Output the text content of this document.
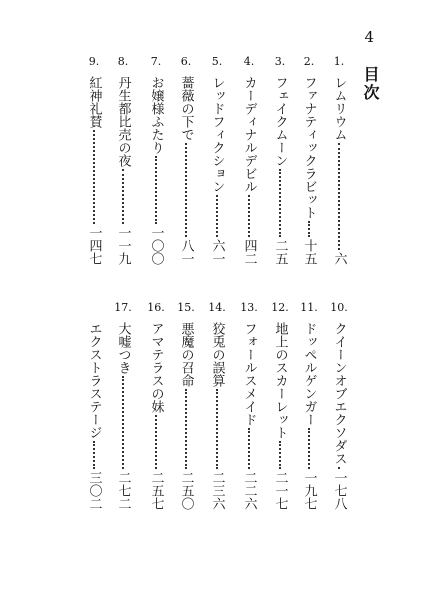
4
目次
1.
レムリウム
六
2.
ファナティックラビット
十五
3.
フェイクムーン
二五
4.
カーディナルデビル
四二
5.
レッドフィクション
六一
6.
薔薇の下で
八一
7.
お嬢様ふたり
一〇〇
8.
丹生都比売の夜
一一九
9.
紅神礼賛
一四七
10.
クイーンオブエクソダス
一七八
11.
ドッペルゲンガー
一九七
12.
地上のスカーレット
二一七
13.
フォールスメイド
二二六
14.
狡兎の誤算
二三六
15.
悪魔の召命
二五〇
16.
アマテラスの妹
二五七
17.
大嘘つき
二七二
エクストラステージ
三〇二
